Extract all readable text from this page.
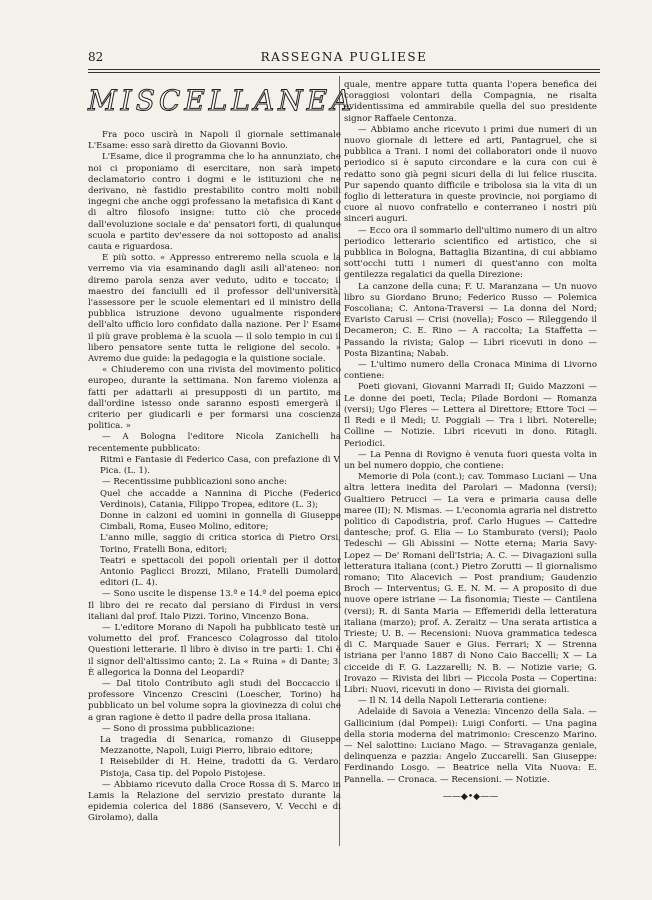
82	RASSEGNA PUGLIESE
MISCELLANEA

Fra poco uscirà in Napoli il giornale settimanale L'Esame: esso sarà diretto da Giovanni Bovio.

L'Esame, dice il programma che lo ha annunziato, che noi ci proponiamo di esercitare, non sarà impeto declamatorio contro i dogmi e le istituzioni che ne derivano, nè fastidio prestabilito contro molti nobili ingegni che anche oggi professano la metafisica di Kant o di altro filosofo insigne: tutto ciò che procede dall'evoluzione sociale e da' pensatori forti, di qualunque scuola e partito dev'essere da noi sottoposto ad analisi cauta e riguardosa.

E più sotto. « Appresso entreremo nella scuola e la verremo via via esaminando dagli asili all'ateneo: non diremo parola senza aver veduto, udito e toccato; il maestro dei fanciulli ed il professor dell'università, l'assessore per le scuole elementari ed il ministro della pubblica istruzione devono ugualmente rispondere dell'alto ufficio loro confidato dalla nazione. Per l' Esame il più grave problema è la scuola — il solo tempio in cui il libero pensatore sente tutta le religione del secolo. » Avremo due guide: la pedagogia e la quistione sociale.

« Chiuderemo con una rivista del movimento politico europeo, durante la settimana. Non faremo violenza ai fatti per adattarli ai presupposti di un partito, ma dall'ordine istesso onde saranno esposti emergerà il criterio per giudicarli e per formarsi una coscienza politica. »

— A Bologna l'editore Nicola Zanichelli ha recentemente pubblicato:

Ritmi e Fantasie di Federico Casa, con prefazione di V. Pica. (L. 1).

— Recentissime pubblicazioni sono anche:

Quel che accadde a Nannina di Picche (Federico Verdinois), Catania, Filippo Tropea, editore (L. 3);

Donne in calzoni ed uomini in gonnella di Giuseppe Cimbali, Roma, Euseo Molino, editore;

L'anno mille, saggio di critica storica di Pietro Orsi, Torino, Fratelli Bona, editori;

Teatri e spettacoli dei popoli orientali per il dottor Antonio Paglicci Brozzi, Milano, Fratelli Dumolard, editori (L. 4).

— Sono uscite le dispense 13.ª e 14.ª del poema epico Il libro dei re recato dal persiano di Firdusi in versi italiani dal prof. Italo Pizzi. Torino, Vincenzo Bona.

— L'editore Morano di Napoli ha pubblicato testè un volumetto del prof. Francesco Colagrosso dal titolo: Questioni letterarie. Il libro è diviso in tre parti: 1. Chi è il signor dell'altissimo canto; 2. La « Ruina » di Dante; 3. È allegorica la Donna del Leopardi?

— Dal titolo Contributo agli studi del Boccaccio il professore Vincenzo Crescini (Loescher, Torino) ha pubblicato un bel volume sopra la giovinezza di colui che a gran ragione è detto il padre della prosa italiana.

— Sono di prossima pubblicazione:

La tragedia di Senarica, romanzo di Giuseppe Mezzanotte, Napoli, Luigi Pierro, libraio editore;

I Reisebilder di H. Heine, tradotti da G. Verdaro. Pistoja, Casa tip. del Popolo Pistojese.

— Abbiamo ricevuto dalla Croce Rossa di S. Marco in Lamis la Relazione del servizio prestato durante la epidemia colerica del 1886 (Sansevero, V. Vecchi e di Girolamo), dalla

quale, mentre appare tutta quanta l'opera benefica dei coraggiosi volontari della Compagnia, ne risalta evidentissima ed ammirabile quella del suo presidente signor Raffaele Centonza.

— Abbiamo anche ricevuto i primi due numeri di un nuovo giornale di lettere ed arti, Pantagruel, che si pubblica a Trani. I nomi dei collaboratori onde il nuovo periodico si è saputo circondare e la cura con cui è redatto sono già pegni sicuri della di lui felice riuscita. Pur sapendo quanto difficile e tribolosa sia la vita di un foglio di letteratura in queste provincie, noi porgiamo di cuore al nuovo confratello e conterraneo i nostri più sinceri auguri.

— Ecco ora il sommario dell'ultimo numero di un altro periodico letterario scientifico ed artistico, che si pubblica in Bologna, Battaglia Bizantina, di cui abbiamo sott'occhi tutti i numeri di quest'anno con molta gentilezza regalatici da quella Direzione:

La canzone della cuna; F. U. Maranzana — Un nuovo libro su Giordano Bruno; Federico Russo — Polemica Foscoliana; C. Antona-Traversi — La donna del Nord; Evaristo Carusi — Crisi (novella); Fosco — Rileggendo il Decameron; C. E. Rino — A raccolta; La Staffetta — Passando la rivista; Galop — Libri ricevuti in dono — Posta Bizantina; Nabab.

— L'ultimo numero della Cronaca Minima di Livorno contiene:

Poeti giovani, Giovanni Marradi II; Guido Mazzoni — Le donne dei poeti, Tecla; Pilade Bordoni — Romanza (versi); Ugo Fleres — Lettera al Direttore; Ettore Toci — Il Redi e il Medi; U. Poggiali — Tra i libri. Noterelle; Colline — Notizie. Libri ricevuti in dono. Ritagli. Periodici.

— La Penna di Rovigno è venuta fuori questa volta in un bel numero doppio, che contiene:

Memorie di Pola (cont.); cav. Tommaso Luciani — Una altra lettera inedita del Parolari — Madonna (versi); Gualtiero Petrucci — La vera e primaria causa delle maree (II); N. Mismas. — L'economia agraria nel distretto politico di Capodistria, prof. Carlo Hugues — Cattedre dantesche; prof. G. Elia — Lo Stamburato (versi); Paolo Tedeschi — Gli Abissini — Notte eterna; Maria Savy-Lopez — De' Romani dell'Istria; A. C. — Divagazioni sulla letteratura italiana (cont.) Pietro Zorutti — Il giornalismo romano; Tito Alacevich — Post prandium; Gaudenzio Broch — Interventus; G. E. N. M. — A proposito di due nuove opere istriane — La fisonomia; Tieste — Cantilena (versi); R. di Santa Maria — Effemeridi della letteratura italiana (marzo); prof. A. Zeraitz — Una serata artistica a Trieste; U. B. — Recensioni: Nuova grammatica tedesca di C. Marquade Sauer e Gius. Ferrari; X — Strenna istriana per l'anno 1887 di Nono Caio Baccelli; X — La cicceide di F. G. Lazzarelli; N. B. — Notizie varie; G. Irovazo — Rivista dei libri — Piccola Posta — Copertina: Libri: Nuovi, ricevuti in dono — Rivista dei giornali.

— Il N. 14 della Napoli Letteraria contiene:

Adelaide di Savoia a Venezia: Vincenzo della Sala. — Gallicinium (dal Pompei): Luigi Conforti. — Una pagina della storia moderna del matrimonio: Crescenzo Marino. — Nel salottino: Luciano Mago. — Stravaganza geniale, delinquenza e pazzia: Angelo Zuccarelli. San Giuseppe: Ferdinando Losgo. — Beatrice nella Vita Nuova: E. Pannella. — Cronaca. — Recensioni. — Notizie.

——◆•◆——
